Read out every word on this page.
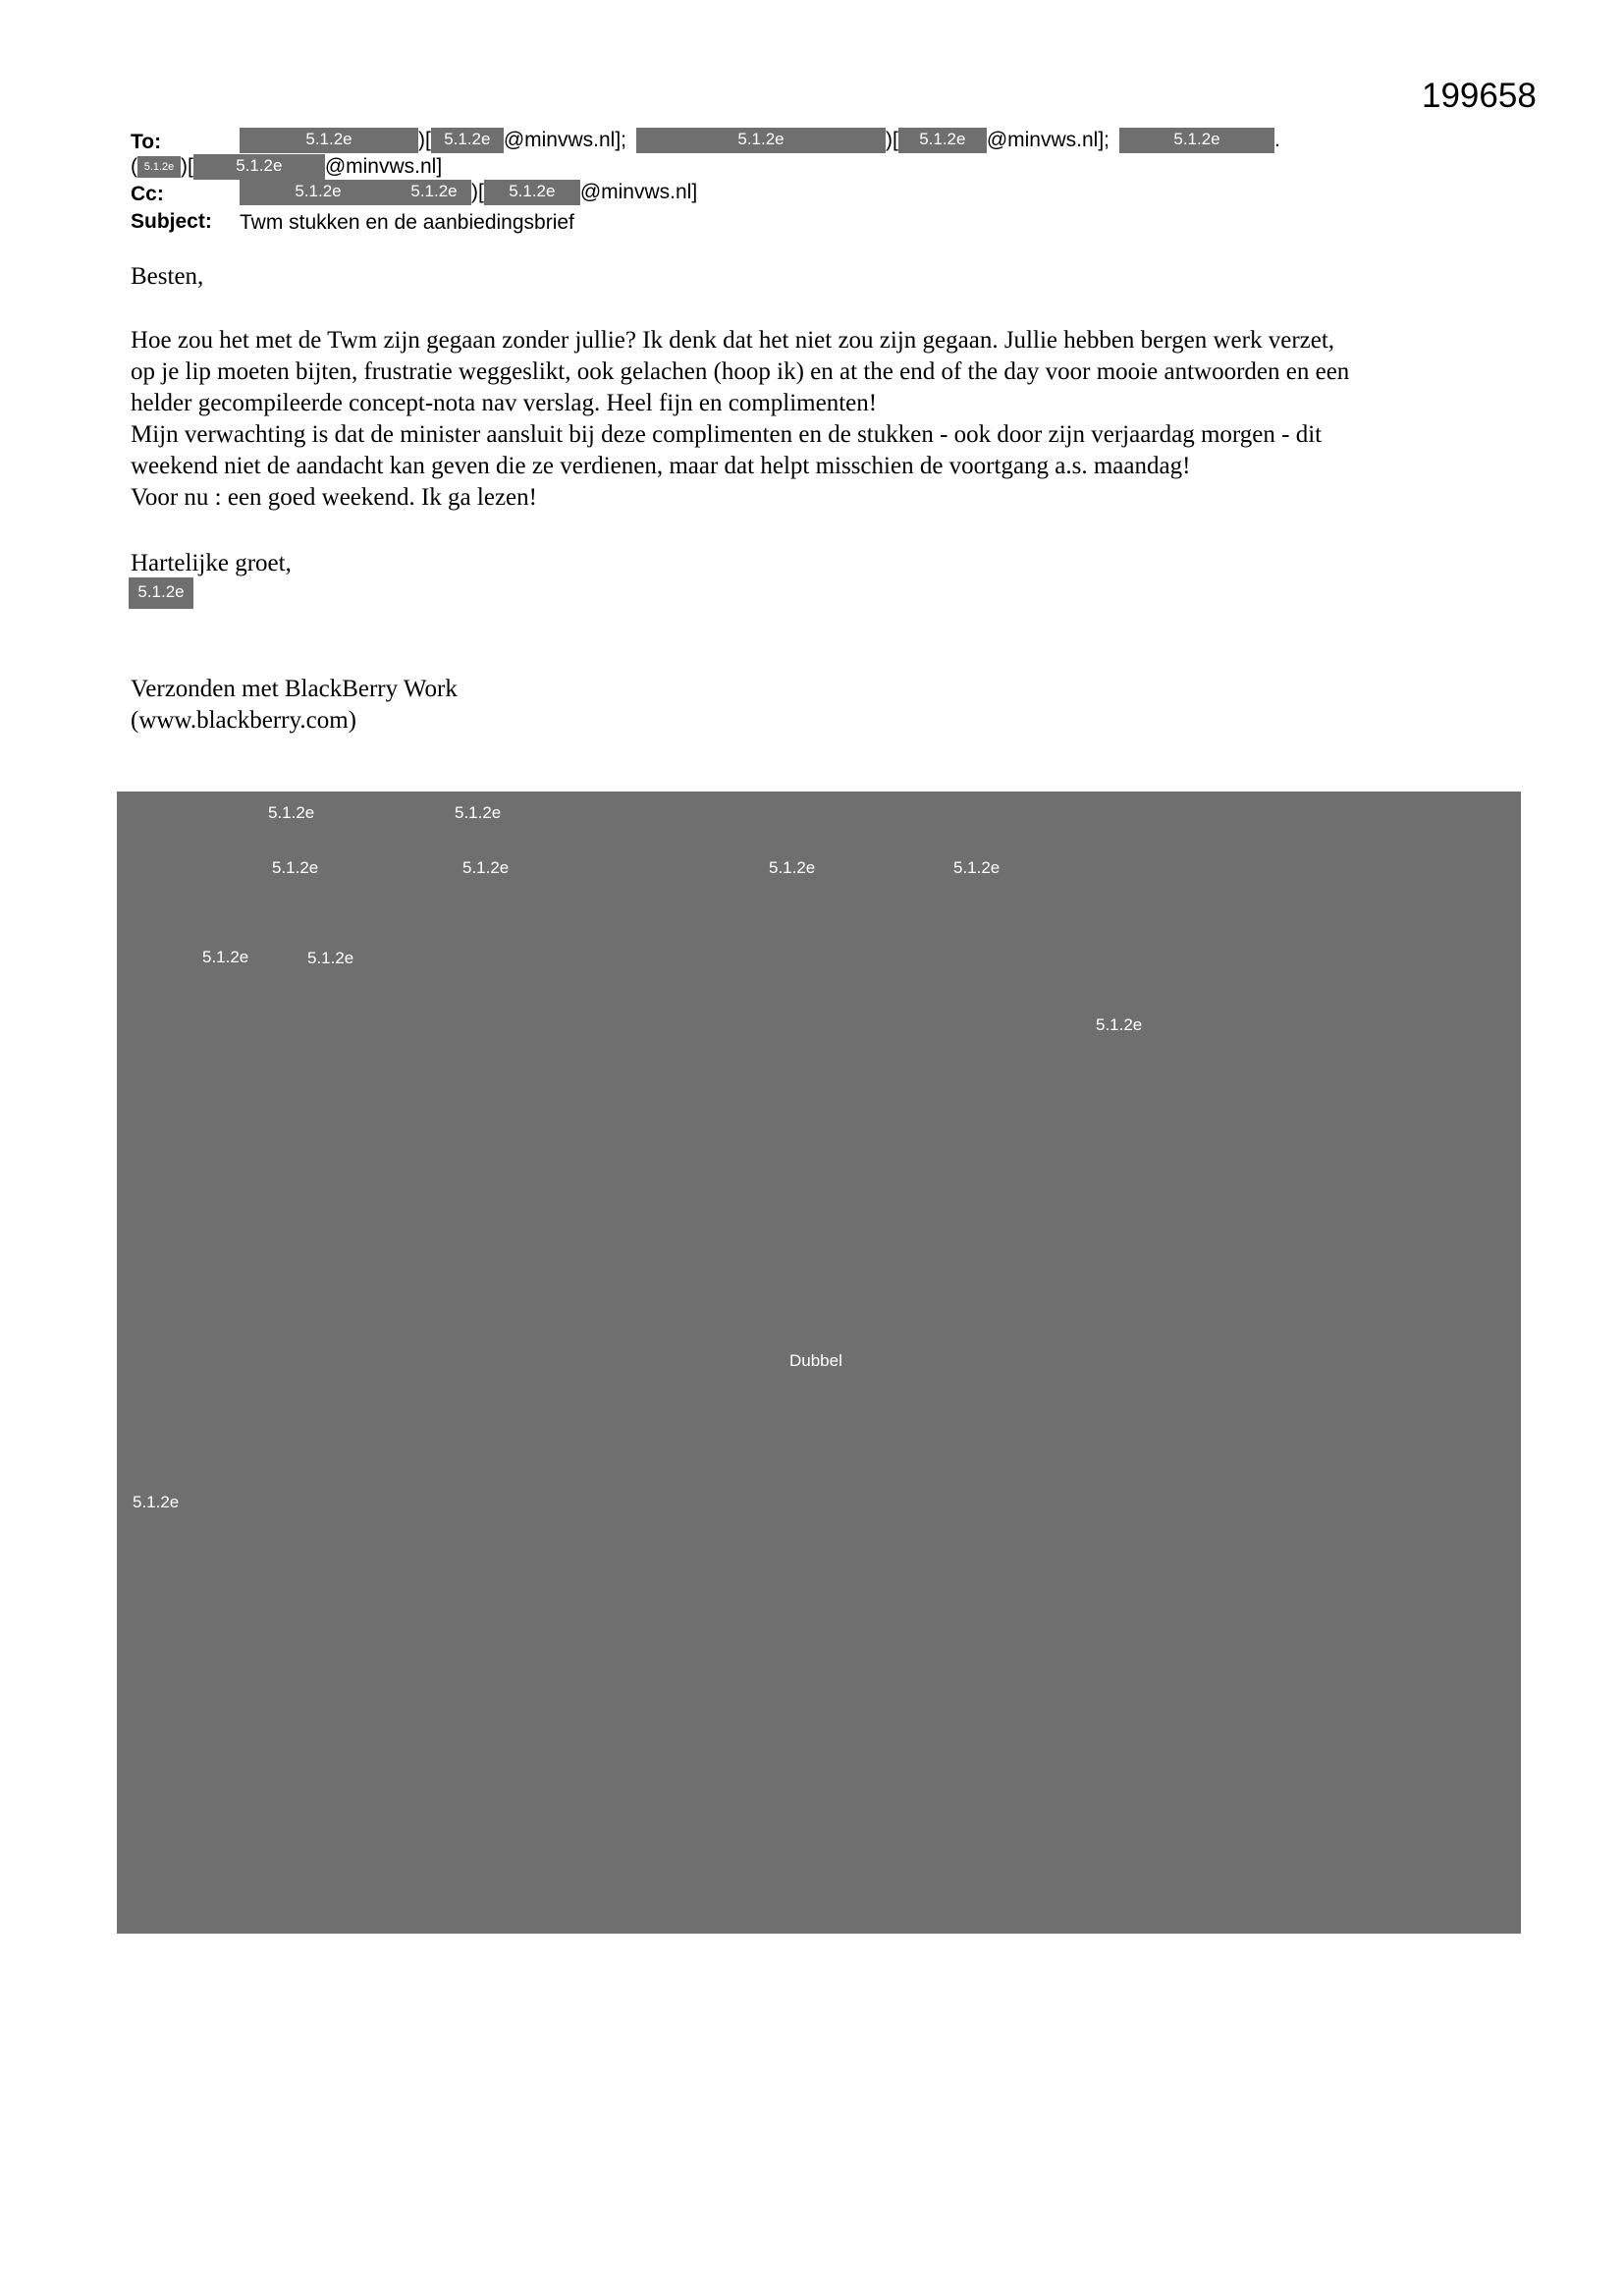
199658
To:	5.1.2e	)[ 5.1.2e @minvws.nl];	5.1.2e	)[ 5.1.2e @minvws.nl];	5.1.2e	.
( 5.1.2e )[	5.1.2e @minvws.nl]
Cc:	5.1.2e	5.1.2e )[ 5.1.2e @minvws.nl]
Subject: Twm stukken en de aanbiedingsbrief
Besten,
Hoe zou het met de Twm zijn gegaan zonder jullie? Ik denk dat het niet zou zijn gegaan. Jullie hebben bergen werk verzet,
op je lip moeten bijten, frustratie weggeslikt, ook gelachen (hoop ik) en at the end of the day voor mooie antwoorden en een
helder gecompileerde concept-nota nav verslag. Heel fijn en complimenten!
Mijn verwachting is dat de minister aansluit bij deze complimenten en de stukken - ook door zijn verjaardag morgen - dit
weekend niet de aandacht kan geven die ze verdienen, maar dat helpt misschien de voortgang a.s. maandag!
Voor nu : een goed weekend. Ik ga lezen!
Hartelijke groet,
5.1.2e
Verzonden met BlackBerry Work
(www.blackberry.com)
5.1.2e	5.1.2e
5.1.2e	5.1.2e	5.1.2e	5.1.2e
5.1.2e	5.1.2e
5.1.2e
Dubbel
5.1.2e
